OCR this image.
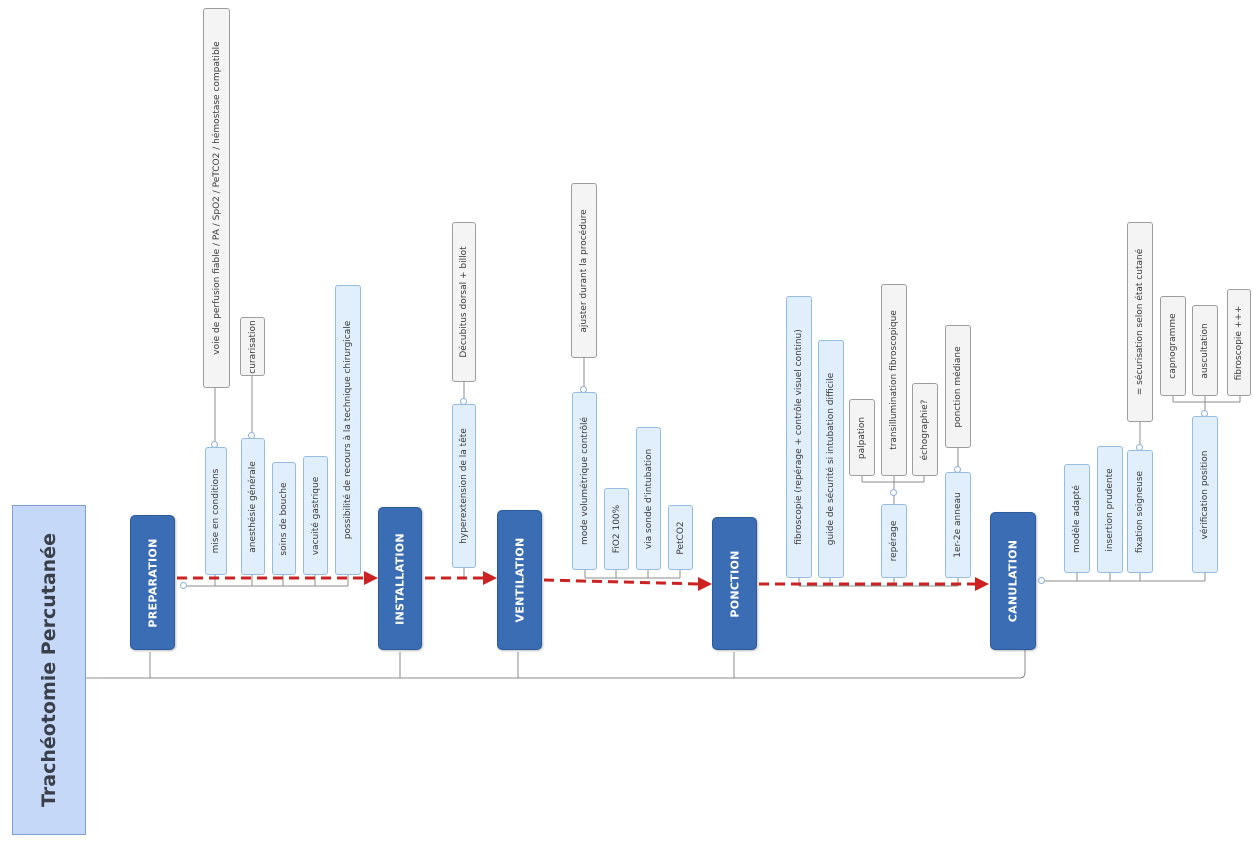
Trachéotomie Percutanée	PREPARATION	INSTALLATION	VENTILATION	PONCTION	CANULATION
mise en conditions	anesthésie générale soins de bouche vacuité gastrique	possibilité de recours à la technique chirurgicale
voie de perfusion fiable / PA / SpO2 / PeTCO2 / hémostase compatible	curarisation
hyperextension de la tête
Décubitus dorsal + billot
mode volumétrique contrôlé FiO2 100% via sonde d'intubation PetCO2
ajuster durant la procédure
fibroscopie (repérage + contrôle visuel continu) guide de sécurité si intubation difficile	repérage	1er-2e anneau
palpation transillumination fibroscopique échographie?
ponction médiane
modèle adapté	insertion prudente fixation soigneuse	vérification position
= sécurisation selon état cutané	capnogramme auscultation	fibroscopie +++
